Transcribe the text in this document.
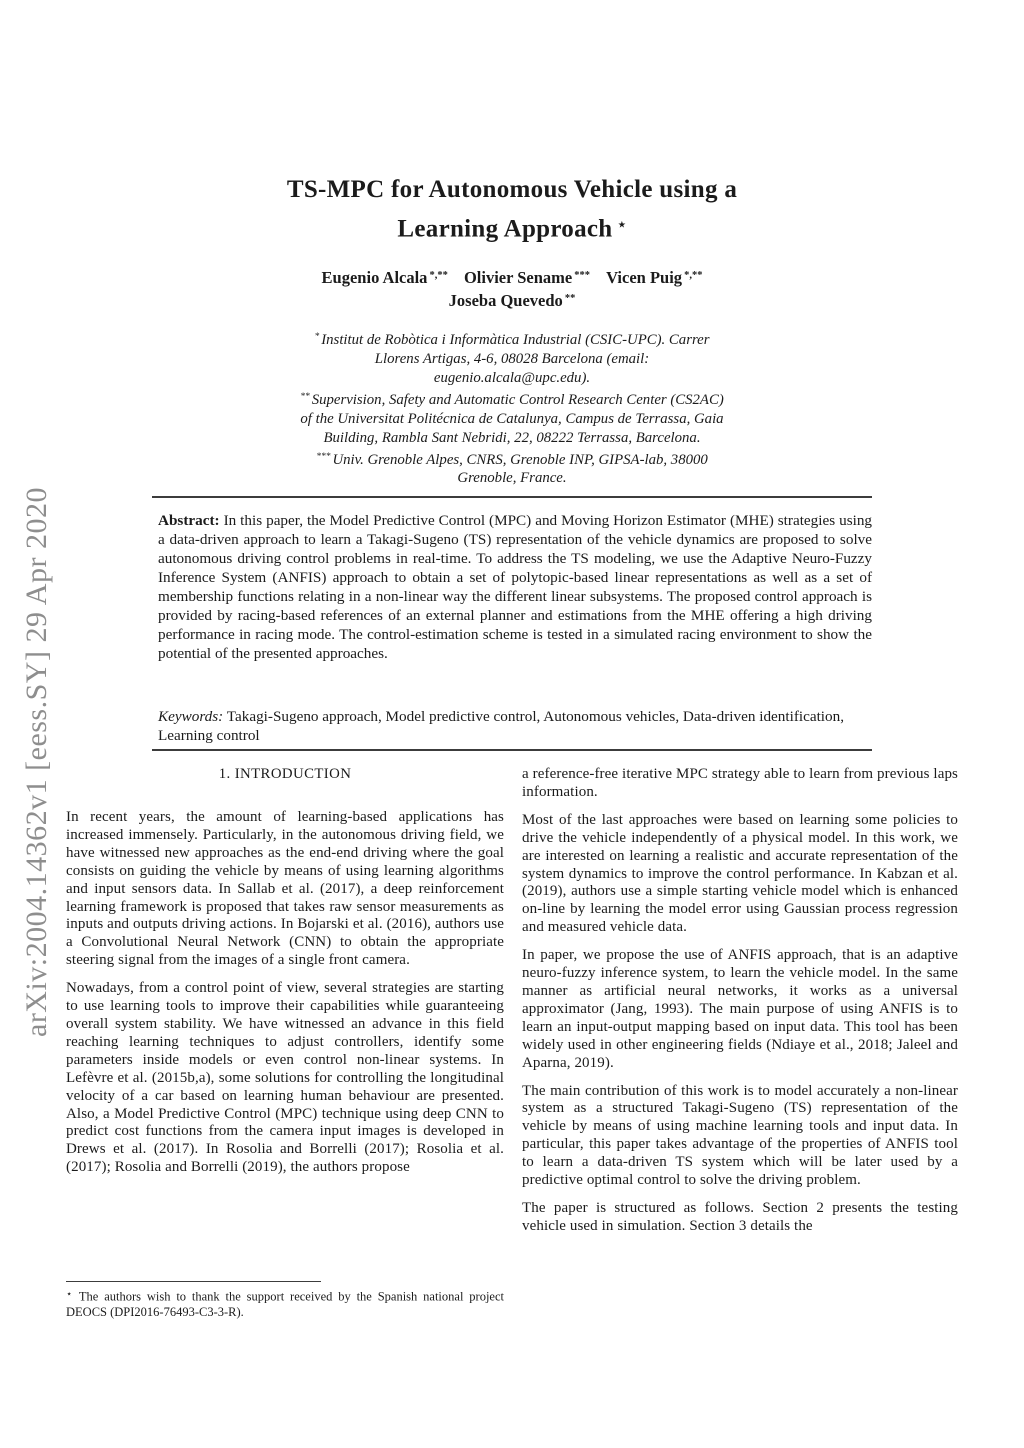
arXiv:2004.14362v1 [eess.SY] 29 Apr 2020
TS-MPC for Autonomous Vehicle using a
Learning Approach ⋆
Eugenio Alcala *,** Olivier Sename *** Vicen Puig *,**
Joseba Quevedo **

* Institut de Robòtica i Informàtica Industrial (CSIC-UPC). Carrer Llorens Artigas, 4-6, 08028 Barcelona (email: eugenio.alcala@upc.edu).

** Supervision, Safety and Automatic Control Research Center (CS2AC) of the Universitat Politécnica de Catalunya, Campus de Terrassa, Gaia Building, Rambla Sant Nebridi, 22, 08222 Terrassa, Barcelona.

*** Univ. Grenoble Alpes, CNRS, Grenoble INP, GIPSA-lab, 38000 Grenoble, France.

Abstract: In this paper, the Model Predictive Control (MPC) and Moving Horizon Estimator (MHE) strategies using a data-driven approach to learn a Takagi-Sugeno (TS) representation of the vehicle dynamics are proposed to solve autonomous driving control problems in real-time. To address the TS modeling, we use the Adaptive Neuro-Fuzzy Inference System (ANFIS) approach to obtain a set of polytopic-based linear representations as well as a set of membership functions relating in a non-linear way the different linear subsystems. The proposed control approach is provided by racing-based references of an external planner and estimations from the MHE offering a high driving performance in racing mode. The control-estimation scheme is tested in a simulated racing environment to show the potential of the presented approaches.

Keywords: Takagi-Sugeno approach, Model predictive control, Autonomous vehicles, Data-driven identification, Learning control

1. INTRODUCTION

In recent years, the amount of learning-based applications has increased immensely. Particularly, in the autonomous driving field, we have witnessed new approaches as the end-end driving where the goal consists on guiding the vehicle by means of using learning algorithms and input sensors data. In Sallab et al. (2017), a deep reinforcement learning framework is proposed that takes raw sensor measurements as inputs and outputs driving actions. In Bojarski et al. (2016), authors use a Convolutional Neural Network (CNN) to obtain the appropriate steering signal from the images of a single front camera.

Nowadays, from a control point of view, several strategies are starting to use learning tools to improve their capabilities while guaranteeing overall system stability. We have witnessed an advance in this field reaching learning techniques to adjust controllers, identify some parameters inside models or even control non-linear systems. In Lefèvre et al. (2015b,a), some solutions for controlling the longitudinal velocity of a car based on learning human behaviour are presented. Also, a Model Predictive Control (MPC) technique using deep CNN to predict cost functions from the camera input images is developed in Drews et al. (2017). In Rosolia and Borrelli (2017); Rosolia et al. (2017); Rosolia and Borrelli (2019), the authors propose

a reference-free iterative MPC strategy able to learn from previous laps information.

Most of the last approaches were based on learning some policies to drive the vehicle independently of a physical model. In this work, we are interested on learning a realistic and accurate representation of the system dynamics to improve the control performance. In Kabzan et al. (2019), authors use a simple starting vehicle model which is enhanced on-line by learning the model error using Gaussian process regression and measured vehicle data.

In paper, we propose the use of ANFIS approach, that is an adaptive neuro-fuzzy inference system, to learn the vehicle model. In the same manner as artificial neural networks, it works as a universal approximator (Jang, 1993). The main purpose of using ANFIS is to learn an input-output mapping based on input data. This tool has been widely used in other engineering fields (Ndiaye et al., 2018; Jaleel and Aparna, 2019).

The main contribution of this work is to model accurately a non-linear system as a structured Takagi-Sugeno (TS) representation of the vehicle by means of using machine learning tools and input data. In particular, this paper takes advantage of the properties of ANFIS tool to learn a data-driven TS system which will be later used by a predictive optimal control to solve the driving problem.

The paper is structured as follows. Section 2 presents the testing vehicle used in simulation. Section 3 details the

⋆ The authors wish to thank the support received by the Spanish national project DEOCS (DPI2016-76493-C3-3-R).
